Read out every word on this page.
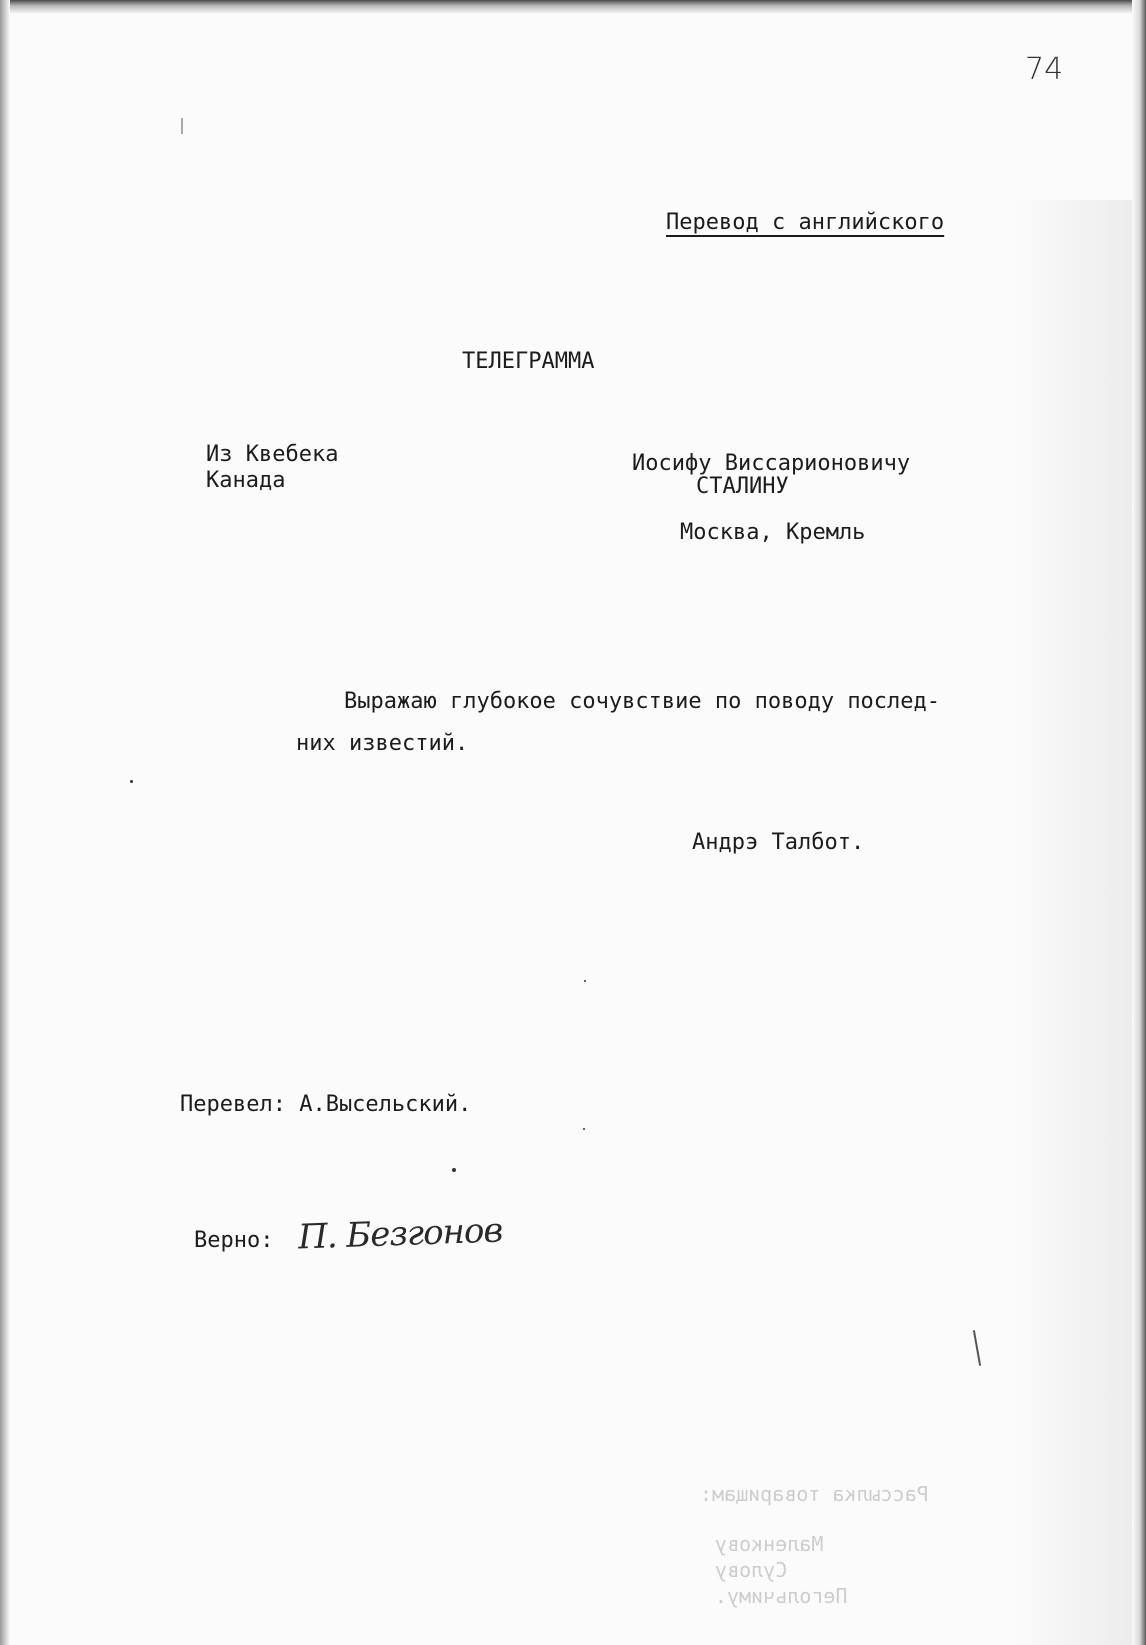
74

Перевод с английского

ТЕЛЕГРАММА

Из Квебека

Канада

Иосифу Виссарионовичу

СТАЛИНУ

Москва, Кремль

Выражаю глубокое сочувствие по поводу послед-

них известий.

Андрэ Талбот.

Перевел: А.Высельский.

Верно: П. Безгонов
Рассылка товарищам:
Маленкову
Сулову
Пегольчиму.
